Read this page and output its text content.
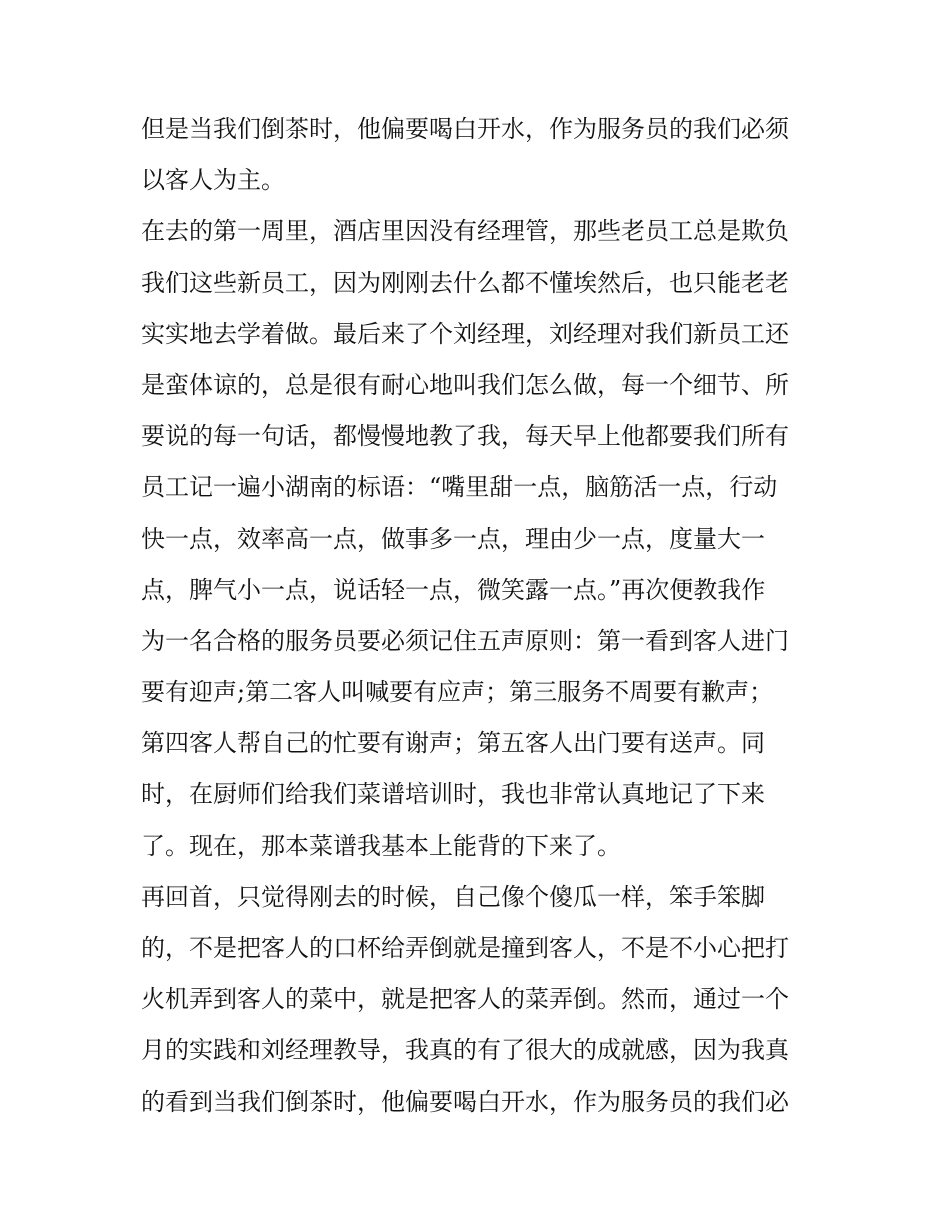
但是当我们倒茶时，他偏要喝白开水，作为服务员的我们必须
以客人为主。
在去的第一周里，酒店里因没有经理管，那些老员工总是欺负
我们这些新员工，因为刚刚去什么都不懂埃然后，也只能老老
实实地去学着做。最后来了个刘经理，刘经理对我们新员工还
是蛮体谅的，总是很有耐心地叫我们怎么做，每一个细节、所
要说的每一句话，都慢慢地教了我，每天早上他都要我们所有
员工记一遍小湖南的标语：“嘴里甜一点，脑筋活一点，行动
快一点，效率高一点，做事多一点，理由少一点，度量大一
点，脾气小一点，说话轻一点，微笑露一点。”再次便教我作
为一名合格的服务员要必须记住五声原则：第一看到客人进门
要有迎声;第二客人叫喊要有应声；第三服务不周要有歉声；
第四客人帮自己的忙要有谢声；第五客人出门要有送声。同
时，在厨师们给我们菜谱培训时，我也非常认真地记了下来
了。现在，那本菜谱我基本上能背的下来了。
再回首，只觉得刚去的时候，自己像个傻瓜一样，笨手笨脚
的，不是把客人的口杯给弄倒就是撞到客人，不是不小心把打
火机弄到客人的菜中，就是把客人的菜弄倒。然而，通过一个
月的实践和刘经理教导，我真的有了很大的成就感，因为我真
的看到当我们倒茶时，他偏要喝白开水，作为服务员的我们必
